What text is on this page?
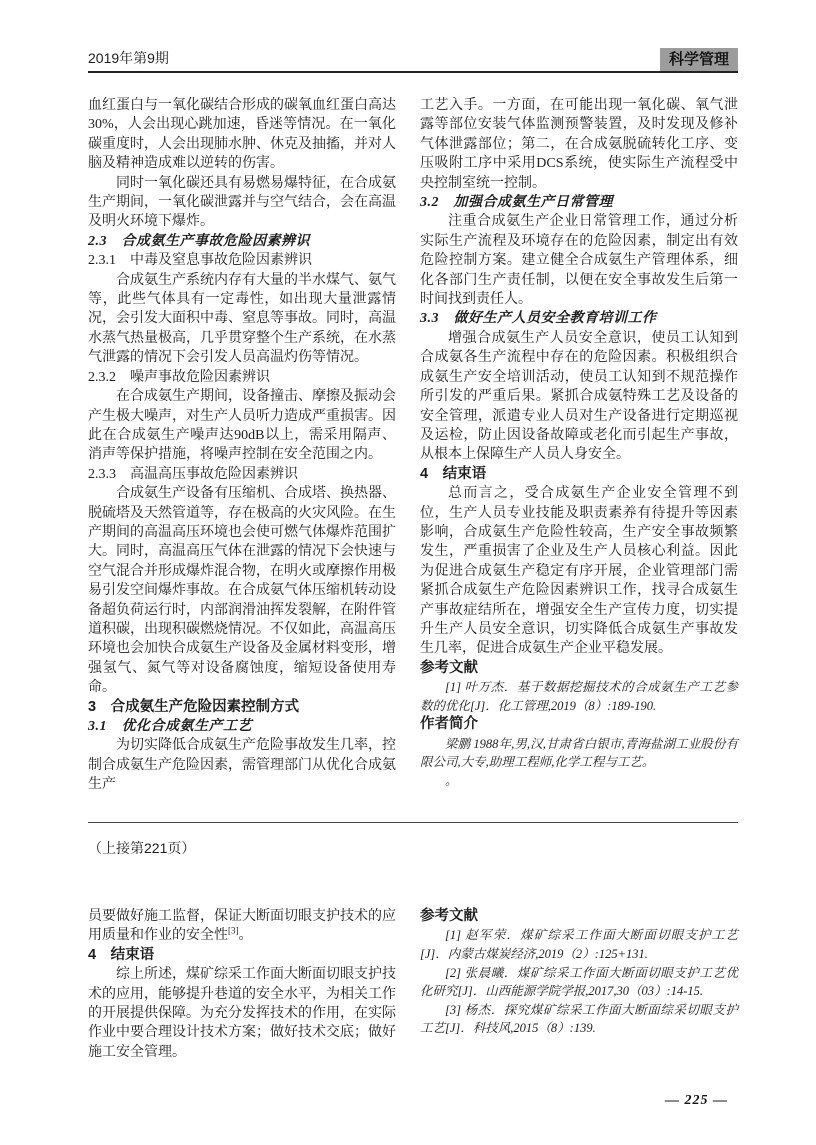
2019年第9期	科学管理
血红蛋白与一氧化碳结合形成的碳氧血红蛋白高达30%，人会出现心跳加速，昏迷等情况。在一氧化碳重度时，人会出现肺水肿、休克及抽搐，并对人脑及精神造成难以逆转的伤害。
同时一氧化碳还具有易燃易爆特征，在合成氨生产期间，一氧化碳泄露并与空气结合，会在高温及明火环境下爆炸。
2.3　合成氨生产事故危险因素辨识
2.3.1　中毒及窒息事故危险因素辨识
合成氨生产系统内存有大量的半水煤气、氨气等，此些气体具有一定毒性，如出现大量泄露情况，会引发大面积中毒、窒息等事故。同时，高温水蒸气热量极高，几乎贯穿整个生产系统，在水蒸气泄露的情况下会引发人员高温灼伤等情况。
2.3.2　噪声事故危险因素辨识
在合成氨生产期间，设备撞击、摩擦及振动会产生极大噪声，对生产人员听力造成严重损害。因此在合成氨生产噪声达90dB以上，需采用隔声、消声等保护措施，将噪声控制在安全范围之内。
2.3.3　高温高压事故危险因素辨识
合成氨生产设备有压缩机、合成塔、换热器、脱硫塔及天然管道等，存在极高的火灾风险。在生产期间的高温高压环境也会使可燃气体爆炸范围扩大。同时，高温高压气体在泄露的情况下会快速与空气混合并形成爆炸混合物，在明火或摩擦作用极易引发空间爆炸事故。在合成氨气体压缩机转动设备超负荷运行时，内部润滑油挥发裂解，在附件管道积碳，出现积碳燃烧情况。不仅如此，高温高压环境也会加快合成氨生产设备及金属材料变形，增强氢气、氮气等对设备腐蚀度，缩短设备使用寿命。
3　合成氨生产危险因素控制方式
3.1　优化合成氨生产工艺
为切实降低合成氨生产危险事故发生几率，控制合成氨生产危险因素，需管理部门从优化合成氨生产
工艺入手。一方面，在可能出现一氧化碳、氧气泄露等部位安装气体监测预警装置，及时发现及修补气体泄露部位；第二，在合成氨脱硫转化工序、变压吸附工序中采用DCS系统，使实际生产流程受中央控制室统一控制。
3.2　加强合成氨生产日常管理
注重合成氨生产企业日常管理工作，通过分析实际生产流程及环境存在的危险因素，制定出有效危险控制方案。建立健全合成氨生产管理体系，细化各部门生产责任制，以便在安全事故发生后第一时间找到责任人。
3.3　做好生产人员安全教育培训工作
增强合成氨生产人员安全意识，使员工认知到合成氨各生产流程中存在的危险因素。积极组织合成氨生产安全培训活动，使员工认知到不规范操作所引发的严重后果。紧抓合成氨特殊工艺及设备的安全管理，派遣专业人员对生产设备进行定期巡视及运检，防止因设备故障或老化而引起生产事故，从根本上保障生产人员人身安全。
4　结束语
总而言之，受合成氨生产企业安全管理不到位，生产人员专业技能及职责素养有待提升等因素影响，合成氨生产危险性较高，生产安全事故频繁发生，严重损害了企业及生产人员核心利益。因此为促进合成氨生产稳定有序开展，企业管理部门需紧抓合成氨生产危险因素辨识工作，找寻合成氨生产事故症结所在，增强安全生产宣传力度，切实提升生产人员安全意识，切实降低合成氨生产事故发生几率，促进合成氨生产企业平稳发展。
参考文献
[1] 叶万杰．基于数据挖掘技术的合成氨生产工艺参数的优化[J]．化工管理,2019（8）:189-190.
作者简介
梁鹏 1988年,男,汉,甘肃省白银市,青海盐湖工业股份有限公司,大专,助理工程师,化学工程与工艺。
。

（上接第221页）

员要做好施工监督，保证大断面切眼支护技术的应用质量和作业的安全性[3]。
4　结束语
综上所述，煤矿综采工作面大断面切眼支护技术的应用，能够提升巷道的安全水平，为相关工作的开展提供保障。为充分发挥技术的作用，在实际作业中要合理设计技术方案；做好技术交底；做好施工安全管理。
参考文献
[1] 赵军荣．煤矿综采工作面大断面切眼支护工艺[J]．内蒙古煤炭经济,2019（2）:125+131.
[2] 张晨曦．煤矿综采工作面大断面切眼支护工艺优化研究[J]．山西能源学院学报,2017,30（03）:14-15.
[3] 杨杰．探究煤矿综采工作面大断面综采切眼支护工艺[J]．科技风,2015（8）:139.
— 225 —
